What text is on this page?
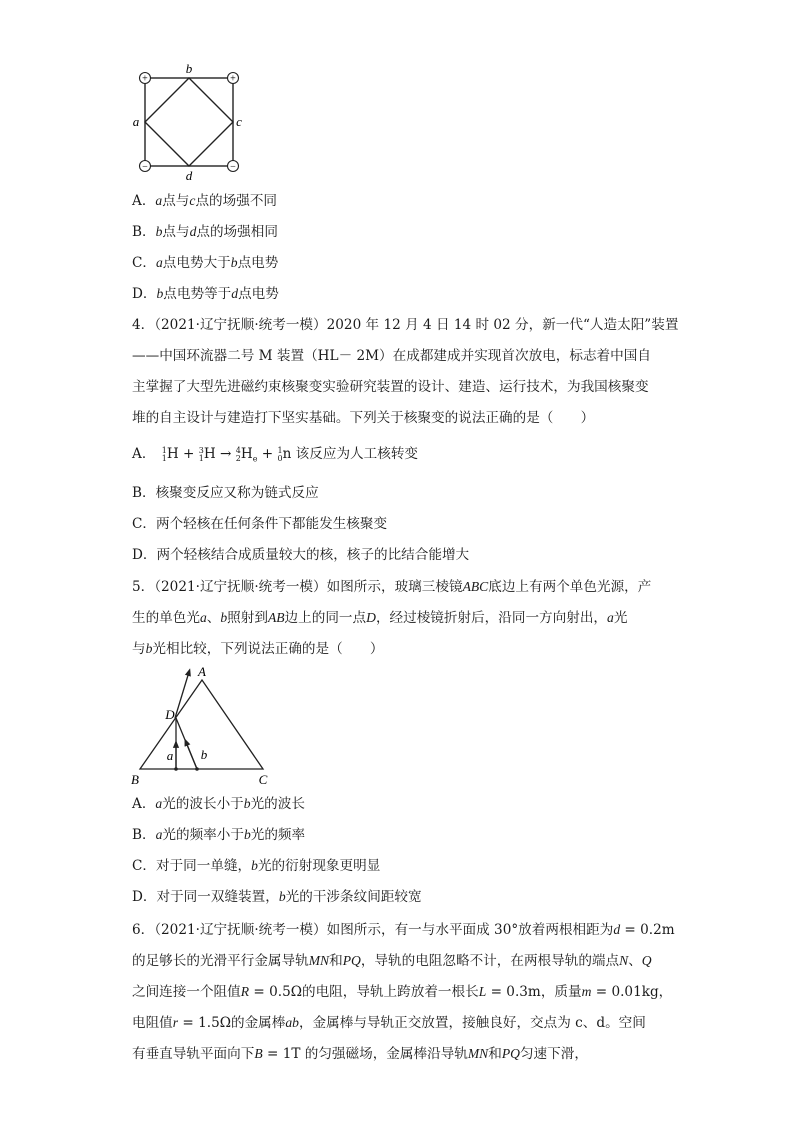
+	+
−	−
b
a	c
d
A．a点与c点的场强不同
B．b点与d点的场强相同
C．a点电势大于b点电势
D．b点电势等于d点电势
4．（2021·辽宁抚顺·统考一模）2020 年 12 月 4 日 14 时 02 分，新一代“人造太阳”装置
——中国环流器二号 M 装置（HL－ 2M）在成都建成并实现首次放电，标志着中国自
主掌握了大型先进磁约束核聚变实验研究装置的设计、建造、运行技术，为我国核聚变
堆的自主设计与建造打下坚实基础。下列关于核聚变的说法正确的是（　　）
A． 1
1H + 3
1H → 4
$2H_e + 1$
0n 该反应为人工核转变
B．核聚变反应又称为链式反应
C．两个轻核在任何条件下都能发生核聚变
D．两个轻核结合成质量较大的核，核子的比结合能增大
5．（2021·辽宁抚顺·统考一模）如图所示，玻璃三棱镜ABC底边上有两个单色光源，产
生的单色光a、b照射到AB边上的同一点D，经过棱镜折射后，沿同一方向射出，a光
与b光相比较，下列说法正确的是（　　）
A
B	C
D
a b
A．a光的波长小于b光的波长
B．a光的频率小于b光的频率
C．对于同一单缝，b光的衍射现象更明显
D．对于同一双缝装置，b光的干涉条纹间距较宽
6．（2021·辽宁抚顺·统考一模）如图所示，有一与水平面成 30°放着两根相距为d = 0.2m
的足够长的光滑平行金属导轨MN和PQ，导轨的电阻忽略不计，在两根导轨的端点N、Q
之间连接一个阻值R = 0.5Ω的电阻，导轨上跨放着一根长L = 0.3m，质量m = 0.01kg，
电阻值r = 1.5Ω的金属棒ab，金属棒与导轨正交放置，接触良好，交点为 c、d。空间
有垂直导轨平面向下B = 1T 的匀强磁场，金属棒沿导轨MN和PQ匀速下滑，
